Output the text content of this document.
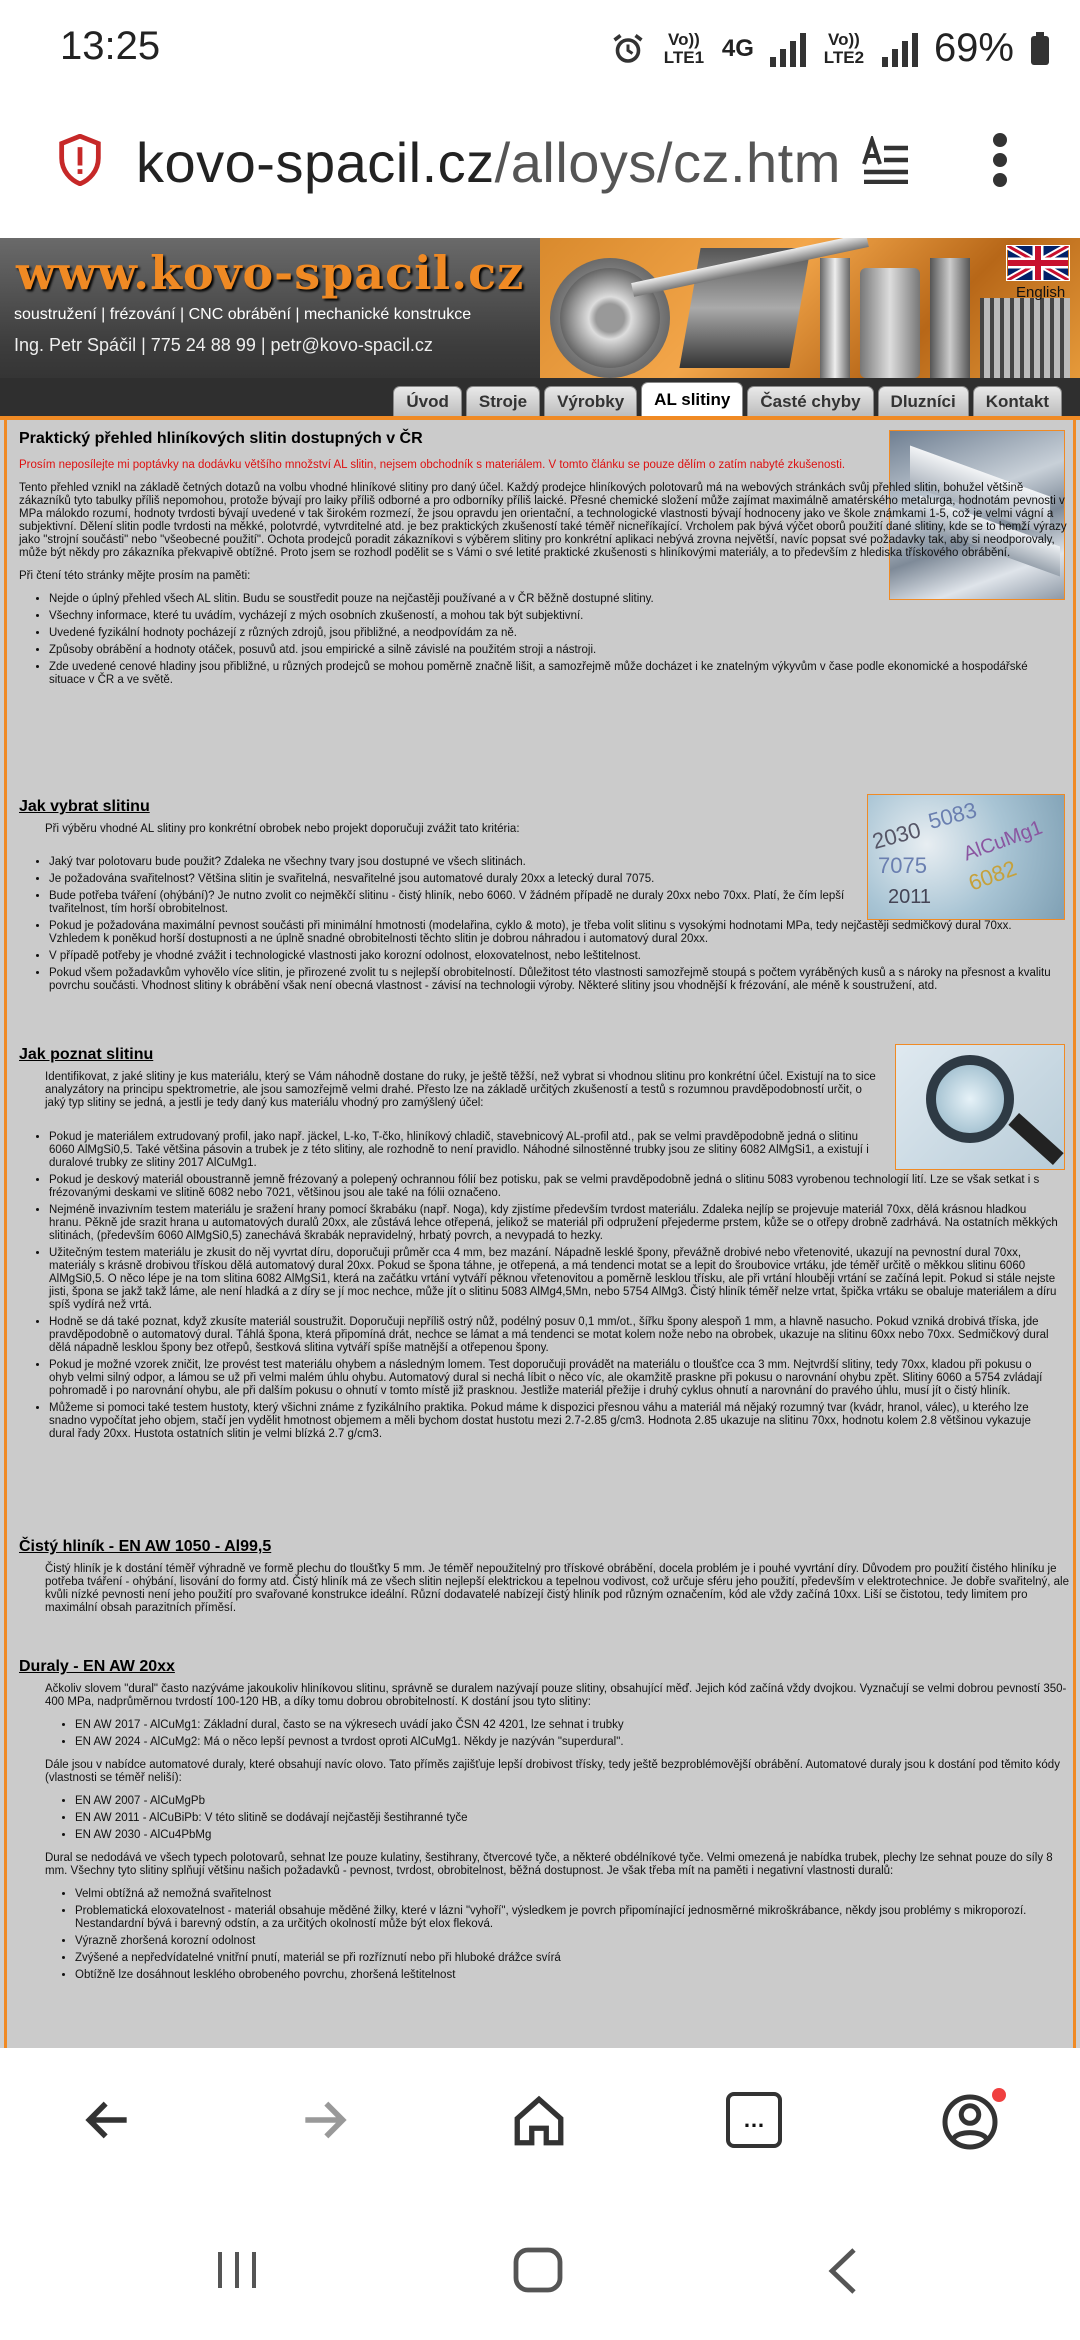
13:25	Vo)) LTE1 4G	Vo)) LTE2 69%
kovo-spacil.cz/alloys/cz.htm
www.kovo-spacil.cz
soustružení | frézování | CNC obrábění | mechanické konstrukce
Ing. Petr Spáčil | 775 24 88 99 | petr@kovo-spacil.cz
English
Úvod	Stroje	Výrobky	AL slitiny	Časté chyby	Dluzníci	Kontakt
5083
2030 AlCuMg1
7075 6082
2011
Praktický přehled hliníkových slitin dostupných v ČR

Prosím neposílejte mi poptávky na dodávku většího množství AL slitin, nejsem obchodník s materiálem. V tomto článku se pouze dělím o zatím nabyté zkušenosti.

Tento přehled vznikl na základě četných dotazů na volbu vhodné hliníkové slitiny pro daný účel. Každý prodejce hliníkových polotovarů má na webových stránkách svůj přehled slitin, bohužel většině zákazníků tyto tabulky příliš nepomohou, protože bývají pro laiky příliš odborné a pro odborníky příliš laické. Přesné chemické složení může zajímat maximálně amatérského metalurga, hodnotám pevnosti v MPa málokdo rozumí, hodnoty tvrdosti bývají uvedené v tak širokém rozmezí, že jsou opravdu jen orientační, a technologické vlastnosti bývají hodnoceny jako ve škole známkami 1-5, což je velmi vágní a subjektivní. Dělení slitin podle tvrdosti na měkké, polotvrdé, vytvrditelné atd. je bez praktických zkušeností také téměř nicneříkající. Vrcholem pak bývá výčet oborů použití dané slitiny, kde se to hemží výrazy jako "strojní součásti" nebo "všeobecné použití". Ochota prodejců poradit zákazníkovi s výběrem slitiny pro konkrétní aplikaci nebývá zrovna největší, navíc popsat své požadavky tak, aby si neodporovaly, může být někdy pro zákazníka překvapivě obtížné. Proto jsem se rozhodl podělit se s Vámi o své letité praktické zkušenosti s hliníkovými materiály, a to především z hlediska třískového obrábění.

Při čtení této stránky mějte prosím na paměti:

• Nejde o úplný přehled všech AL slitin. Budu se soustředit pouze na nejčastěji používané a v ČR běžně dostupné slitiny.
• Všechny informace, které tu uvádím, vycházejí z mých osobních zkušeností, a mohou tak být subjektivní.
• Uvedené fyzikální hodnoty pocházejí z různých zdrojů, jsou přibližné, a neodpovídám za ně.
• Způsoby obrábění a hodnoty otáček, posuvů atd. jsou empirické a silně závislé na použitém stroji a nástroji.
• Zde uvedené cenové hladiny jsou přibližné, u různých prodejců se mohou poměrně značně lišit, a samozřejmě může docházet i ke znatelným výkyvům v čase podle ekonomické a hospodářské situace v ČR a ve světě.
Jak vybrat slitinu

Při výběru vhodné AL slitiny pro konkrétní obrobek nebo projekt doporučuji zvážit tato kritéria:

• Jaký tvar polotovaru bude použit? Zdaleka ne všechny tvary jsou dostupné ve všech slitinách.
• Je požadována svařitelnost? Většina slitin je svařitelná, nesvařitelné jsou automatové duraly 20xx a letecký dural 7075.
• Bude potřeba tváření (ohýbání)? Je nutno zvolit co nejměkčí slitinu - čistý hliník, nebo 6060. V žádném případě ne duraly 20xx nebo 70xx. Platí, že čím lepší tvařitelnost, tím horší obrobitelnost.
• Pokud je požadována maximální pevnost součásti při minimální hmotnosti (modelařina, cyklo & moto), je třeba volit slitinu s vysokými hodnotami MPa, tedy nejčastěji sedmičkový dural 70xx. Vzhledem k poněkud horší dostupnosti a ne úplně snadné obrobitelnosti těchto slitin je dobrou náhradou i automatový dural 20xx.
• V případě potřeby je vhodné zvážit i technologické vlastnosti jako korozní odolnost, eloxovatelnost, nebo leštitelnost.
• Pokud všem požadavkům vyhovělo více slitin, je přirozené zvolit tu s nejlepší obrobitelností. Důležitost této vlastnosti samozřejmě stoupá s počtem vyráběných kusů a s nároky na přesnost a kvalitu povrchu součásti. Vhodnost slitiny k obrábění však není obecná vlastnost - závisí na technologii výroby. Některé slitiny jsou vhodnější k frézování, ale méně k soustružení, atd.
Jak poznat slitinu

Identifikovat, z jaké slitiny je kus materiálu, který se Vám náhodně dostane do ruky, je ještě těžší, než vybrat si vhodnou slitinu pro konkrétní účel. Existují na to sice analyzátory na principu spektrometrie, ale jsou samozřejmě velmi drahé. Přesto lze na základě určitých zkušeností a testů s rozumnou pravděpodobností určit, o jaký typ slitiny se jedná, a jestli je tedy daný kus materiálu vhodný pro zamýšlený účel:

• Pokud je materiálem extrudovaný profil, jako např. jäckel, L-ko, T-čko, hliníkový chladič, stavebnicový AL-profil atd., pak se velmi pravděpodobně jedná o slitinu 6060 AlMgSi0,5. Také většina pásovin a trubek je z této slitiny, ale rozhodně to není pravidlo. Náhodné silnostěnné trubky jsou ze slitiny 6082 AlMgSi1, a existují i duralové trubky ze slitiny 2017 AlCuMg1.
• Pokud je deskový materiál oboustranně jemně frézovaný a polepený ochrannou fólií bez potisku, pak se velmi pravděpodobně jedná o slitinu 5083 vyrobenou technologií lití. Lze se však setkat i s frézovanými deskami ve slitině 6082 nebo 7021, většinou jsou ale také na fólii označeno.
• Nejméně invazivním testem materiálu je sražení hrany pomocí škrabáku (např. Noga), kdy zjistíme především tvrdost materiálu. Zdaleka nejlíp se projevuje materiál 70xx, dělá krásnou hladkou hranu. Pěkně jde srazit hrana u automatových duralů 20xx, ale zůstává lehce otřepená, jelikož se materiál při odpružení přejederme prstem, kůže se o otřepy drobně zadrhává. Na ostatních měkkých slitinách, (především 6060 AlMgSi0,5) zanechává škrabák nepravidelný, hrbatý povrch, a nevypadá to hezky.
• Užitečným testem materiálu je zkusit do něj vyvrtat díru, doporučuji průměr cca 4 mm, bez mazání. Nápadně lesklé špony, převážně drobivé nebo vřetenovité, ukazují na pevnostní dural 70xx, materiály s krásně drobivou třískou dělá automatový dural 20xx. Pokud se špona táhne, je otřepená, a má tendenci motat se a lepit do šroubovice vrtáku, jde téměř určitě o měkkou slitinu 6060 AlMgSi0,5. O něco lépe je na tom slitina 6082 AlMgSi1, která na začátku vrtání vytváří pěknou vřetenovitou a poměrně lesklou třísku, ale při vrtání hlouběji vrtání se začíná lepit. Pokud si stále nejste jisti, špona se jakž takž láme, ale není hladká a z díry se jí moc nechce, může jít o slitinu 5083 AlMg4,5Mn, nebo 5754 AlMg3. Čistý hliník téměř nelze vrtat, špička vrtáku se obaluje materiálem a díru spíš vydírá než vrtá.
• Hodně se dá také poznat, když zkusíte materiál soustružit. Doporučuji nepříliš ostrý nůž, podélný posuv 0,1 mm/ot., šířku špony alespoň 1 mm, a hlavně nasucho. Pokud vzniká drobivá tříska, jde pravděpodobně o automatový dural. Táhlá špona, která připomíná drát, nechce se lámat a má tendenci se motat kolem nože nebo na obrobek, ukazuje na slitinu 60xx nebo 70xx. Sedmičkový dural dělá nápadně lesklou špony bez otřepů, šestková slitina vytváří spíše matnější a otřepenou špony.
• Pokud je možné vzorek zničit, lze provést test materiálu ohybem a následným lomem. Test doporučuji provádět na materiálu o tloušťce cca 3 mm. Nejtvrdší slitiny, tedy 70xx, kladou při pokusu o ohyb velmi silný odpor, a lámou se už při velmi malém úhlu ohybu. Automatový dural si nechá líbit o něco víc, ale okamžitě praskne při pokusu o narovnání ohybu zpět. Slitiny 6060 a 5754 zvládají pohromadě i po narovnání ohybu, ale při dalším pokusu o ohnutí v tomto místě již prasknou. Jestliže materiál přežije i druhý cyklus ohnutí a narovnání do pravého úhlu, musí jít o čistý hliník.
• Můžeme si pomoci také testem hustoty, který všichni známe z fyzikálního praktika. Pokud máme k dispozici přesnou váhu a materiál má nějaký rozumný tvar (kvádr, hranol, válec), u kterého lze snadno vypočítat jeho objem, stačí jen vydělit hmotnost objemem a měli bychom dostat hustotu mezi 2.7-2.85 g/cm3. Hodnota 2.85 ukazuje na slitinu 70xx, hodnotu kolem 2.8 většinou vykazuje dural řady 20xx. Hustota ostatních slitin je velmi blízká 2.7 g/cm3.
Čistý hliník - EN AW 1050 - Al99,5

Čistý hliník je k dostání téměř výhradně ve formě plechu do tloušťky 5 mm. Je téměř nepoužitelný pro třískové obrábění, docela problém je i pouhé vyvrtání díry. Důvodem pro použití čistého hliníku je potřeba tváření - ohýbání, lisování do formy atd. Čistý hliník má ze všech slitin nejlepší elektrickou a tepelnou vodivost, což určuje sféru jeho použití, především v elektrotechnice. Je dobře svařitelný, ale kvůli nízké pevnosti není jeho použití pro svařované konstrukce ideální. Různí dodavatelé nabízejí čistý hliník pod různým označením, kód ale vždy začíná 10xx. Liší se čistotou, tedy limitem pro maximální obsah parazitních příměsí.

Duraly - EN AW 20xx

Ačkoliv slovem "dural" často nazýváme jakoukoliv hliníkovou slitinu, správně se duralem nazývají pouze slitiny, obsahující měď. Jejich kód začíná vždy dvojkou. Vyznačují se velmi dobrou pevností 350-400 MPa, nadprůměrnou tvrdostí 100-120 HB, a díky tomu dobrou obrobitelností. K dostání jsou tyto slitiny:

• EN AW 2017 - AlCuMg1: Základní dural, často se na výkresech uvádí jako ČSN 42 4201, lze sehnat i trubky
• EN AW 2024 - AlCuMg2: Má o něco lepší pevnost a tvrdost oproti AlCuMg1. Někdy je nazýván "superdural".

Dále jsou v nabídce automatové duraly, které obsahují navíc olovo. Tato příměs zajišťuje lepší drobivost třísky, tedy ještě bezproblémovější obrábění. Automatové duraly jsou k dostání pod těmito kódy (vlastnosti se téměř neliší):

• EN AW 2007 - AlCuMgPb
• EN AW 2011 - AlCuBiPb: V této slitině se dodávají nejčastěji šestihranné tyče
• EN AW 2030 - AlCu4PbMg

Dural se nedodává ve všech typech polotovarů, sehnat lze pouze kulatiny, šestihrany, čtvercové tyče, a některé obdélníkové tyče. Velmi omezená je nabídka trubek, plechy lze sehnat pouze do síly 8 mm. Všechny tyto slitiny splňují většinu našich požadavků - pevnost, tvrdost, obrobitelnost, běžná dostupnost. Je však třeba mít na paměti i negativní vlastnosti duralů:

• Velmi obtížná až nemožná svařitelnost
• Problematická eloxovatelnost - materiál obsahuje měděné žilky, které v lázni "vyhoří", výsledkem je povrch připomínající jednosměrné mikroškrábance, někdy jsou problémy s mikroporozí. Nestandardní bývá i barevný odstín, a za určitých okolností může být elox fleková.
• Výrazně zhoršená korozní odolnost
• Zvýšené a nepředvídatelné vnitřní pnutí, materiál se při rozříznutí nebo při hluboké drážce svírá
• Obtížně lze dosáhnout lesklého obrobeného povrchu, zhoršená leštitelnost
…
